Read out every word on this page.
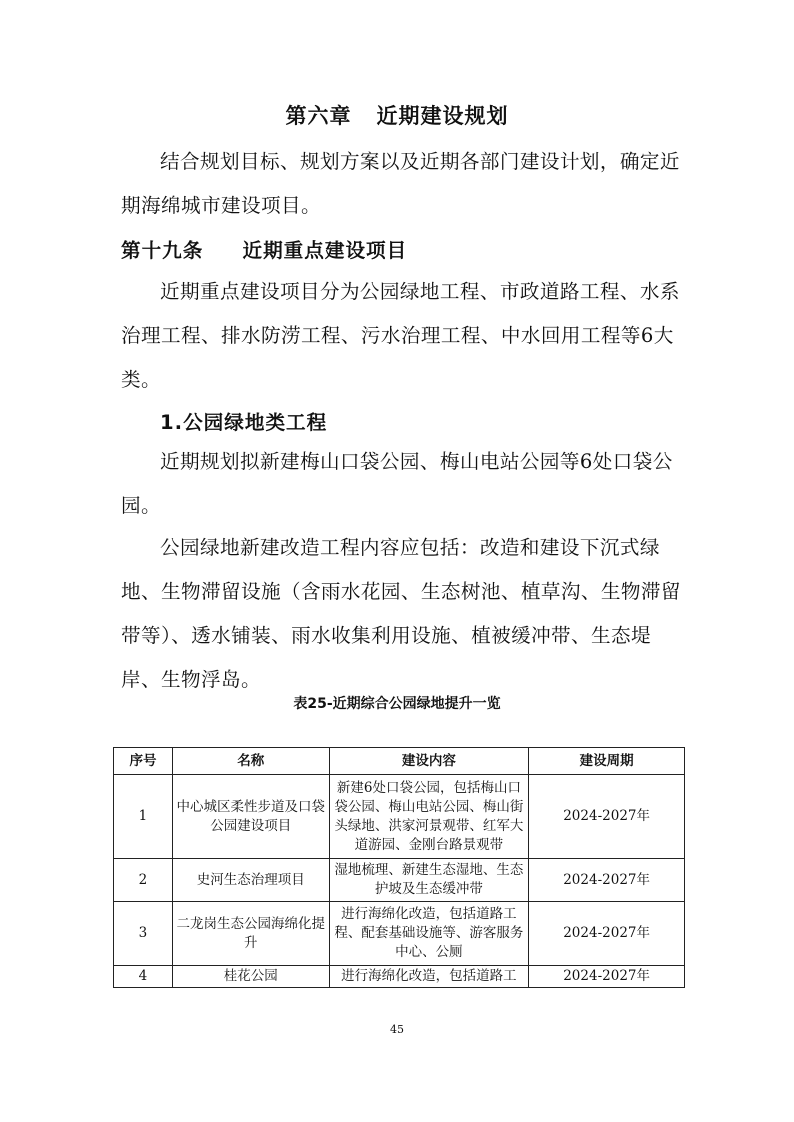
第六章   近期建设规划

结合规划目标、规划方案以及近期各部门建设计划，确定近期海绵城市建设项目。

第十九条     近期重点建设项目

近期重点建设项目分为公园绿地工程、市政道路工程、水系治理工程、排水防涝工程、污水治理工程、中水回用工程等6大类。

1.公园绿地类工程

近期规划拟新建梅山口袋公园、梅山电站公园等6处口袋公园。

公园绿地新建改造工程内容应包括：改造和建设下沉式绿地、生物滞留设施（含雨水花园、生态树池、植草沟、生物滞留带等）、透水铺装、雨水收集利用设施、植被缓冲带、生态堤岸、生物浮岛。

表25-近期综合公园绿地提升一览
序号	名称	建设内容	建设周期
1	中心城区柔性步道及口袋公园建设项目	新建6处口袋公园，包括梅山口袋公园、梅山电站公园、梅山街头绿地、洪家河景观带、红军大道游园、金刚台路景观带	2024-2027年
2	史河生态治理项目	湿地梳理、新建生态湿地、生态护坡及生态缓冲带	2024-2027年
3	二龙岗生态公园海绵化提升	进行海绵化改造，包括道路工程、配套基础设施等、游客服务中心、公厕	2024-2027年
4	桂花公园	进行海绵化改造，包括道路工	2024-2027年
45
